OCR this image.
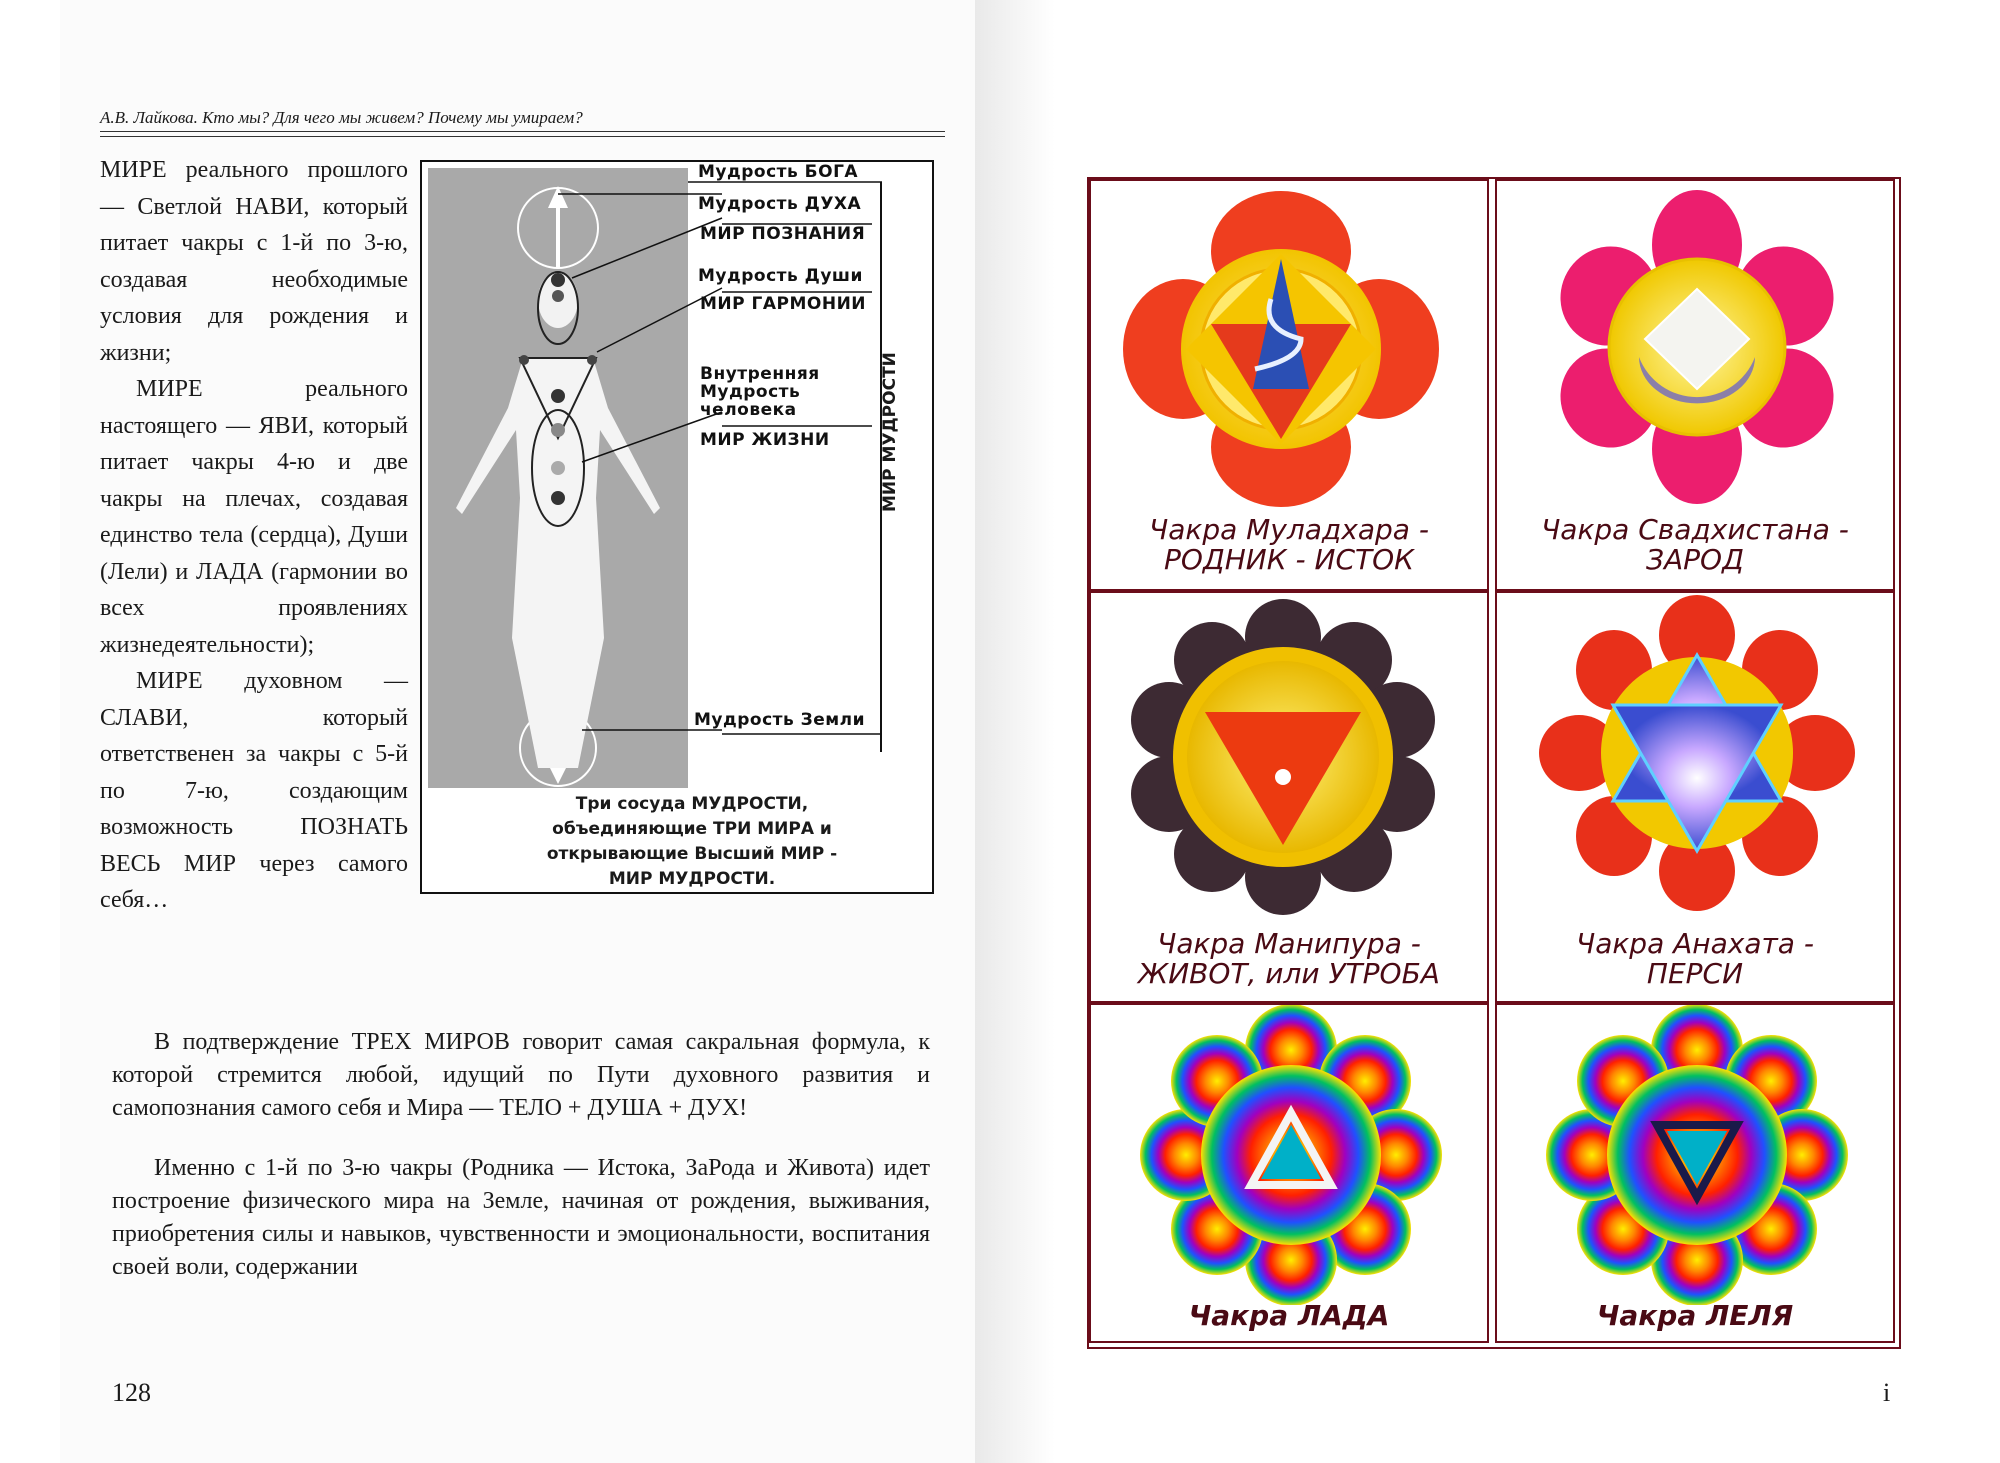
А.В. Лайкова. Кто мы? Для чего мы живем? Почему мы умираем?

МИРЕ реального прошлого — Светлой НАВИ, который питает чакры с 1-й по 3-ю, создавая необходимые условия для рождения и жизни;

МИРЕ реального настоящего — ЯВИ, который питает чакры 4-ю и две чакры на плечах, создавая единство тела (сердца), Души (Лели) и ЛАДА (гармонии во всех проявлениях жизнедеятельности);

МИРЕ духовном — СЛАВИ, который ответственен за чакры с 5-й по 7-ю, создающим возможность ПОЗНАТЬ ВЕСЬ МИР через самого себя…

Мудрость БОГА
Мудрость ДУХА
МИР ПОЗНАНИЯ
Мудрость Души
МИР ГАРМОНИИ
Внутренняя
Мудрость
человека
МИР ЖИЗНИ
Мудрость Земли
МИР МУДРОСТИ
Три сосуда МУДРОСТИ,
объединяющие ТРИ МИРА и
открывающие Высший МИР -
МИР МУДРОСТИ.

В подтверждение ТРЕХ МИРОВ говорит самая сакральная формула, к которой стремится любой, идущий по Пути духовного развития и самопознания самого себя и Мира — ТЕЛО + ДУША + ДУХ!

Именно с 1-й по 3-ю чакры (Родника — Истока, ЗаРода и Живота) идет построение физического мира на Земле, начиная от рождения, выживания, приобретения силы и навыков, чувственности и эмоциональности, воспитания своей воли, содержании

128	i
Чакра Муладхара -
РОДНИК - ИСТОК
Чакра Свадхистана -
ЗАРОД
Чакра Манипура -
ЖИВОТ, или УТРОБА
Чакра Анахата -
ПЕРСИ
Чакра ЛАДА	Чакра ЛЕЛЯ
